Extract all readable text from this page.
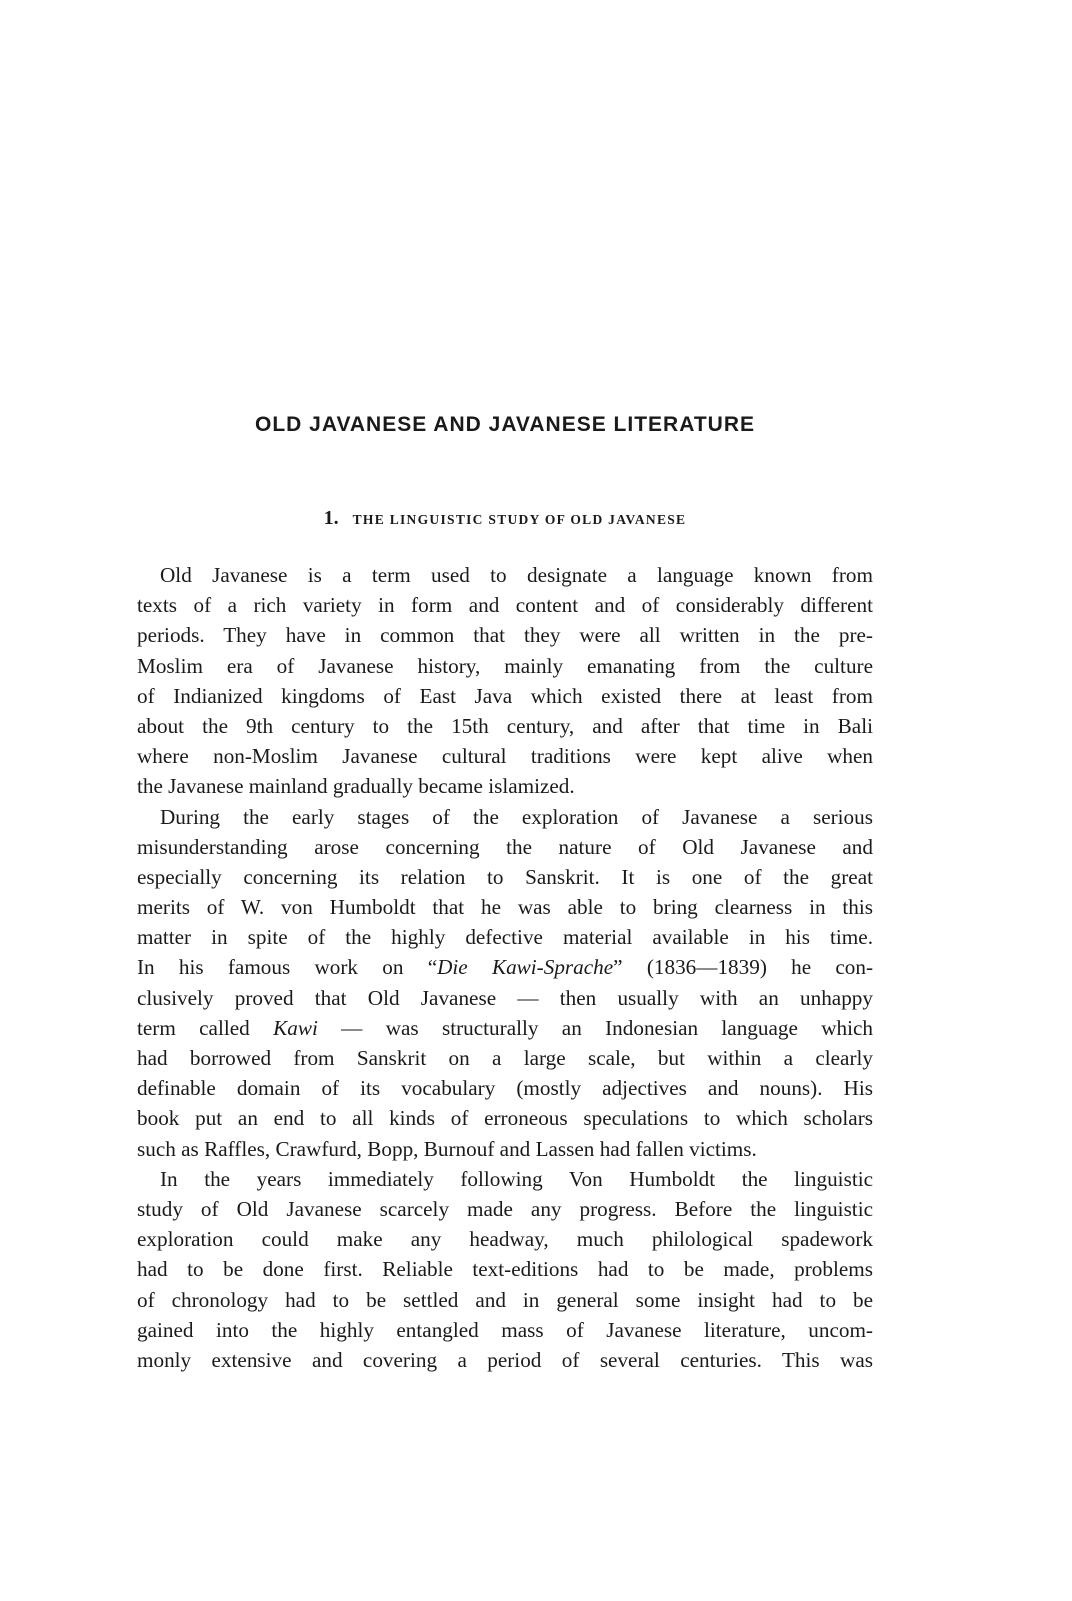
OLD JAVANESE AND JAVANESE LITERATURE
1. THE LINGUISTIC STUDY OF OLD JAVANESE
Old Javanese is a term used to designate a language known from
texts of a rich variety in form and content and of considerably different
periods. They have in common that they were all written in the pre-
Moslim era of Javanese history, mainly emanating from the culture
of Indianized kingdoms of East Java which existed there at least from
about the 9th century to the 15th century, and after that time in Bali
where non-Moslim Javanese cultural traditions were kept alive when
the Javanese mainland gradually became islamized.
During the early stages of the exploration of Javanese a serious
misunderstanding arose concerning the nature of Old Javanese and
especially concerning its relation to Sanskrit. It is one of the great
merits of W. von Humboldt that he was able to bring clearness in this
matter in spite of the highly defective material available in his time.
In his famous work on “Die Kawi-Sprache” (1836—1839) he con-
clusively proved that Old Javanese — then usually with an unhappy
term called Kawi — was structurally an Indonesian language which
had borrowed from Sanskrit on a large scale, but within a clearly
definable domain of its vocabulary (mostly adjectives and nouns). His
book put an end to all kinds of erroneous speculations to which scholars
such as Raffles, Crawfurd, Bopp, Burnouf and Lassen had fallen victims.
In the years immediately following Von Humboldt the linguistic
study of Old Javanese scarcely made any progress. Before the linguistic
exploration could make any headway, much philological spadework
had to be done first. Reliable text-editions had to be made, problems
of chronology had to be settled and in general some insight had to be
gained into the highly entangled mass of Javanese literature, uncom-
monly extensive and covering a period of several centuries. This was
